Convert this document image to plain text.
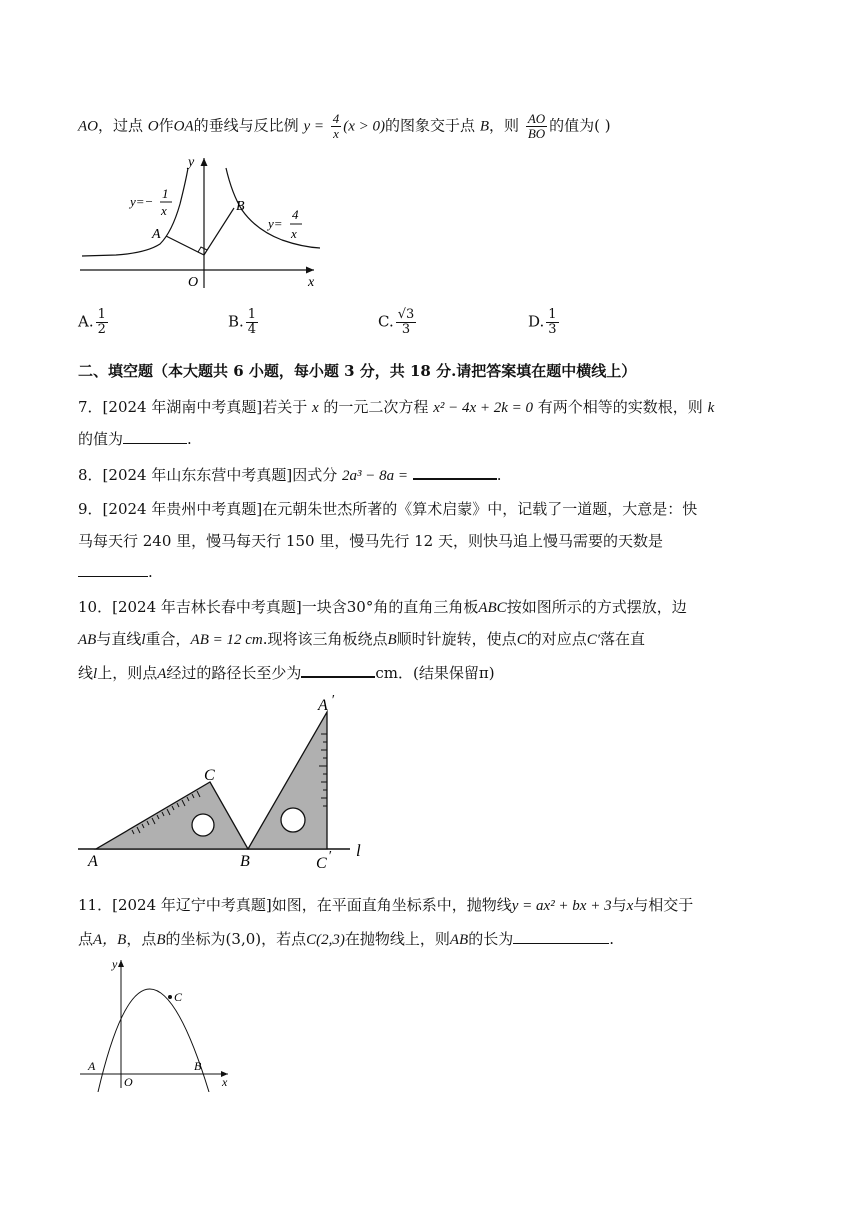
AO，过点 O作OA的垂线与反比例 $y = \frac{4}{x} (x > 0)$的图象交于点 B，则 $\frac{AO}{BO}$ 的值为( )
y
x
O
A
B
y=−
1
x
y=
4
x
A. $\frac{1}{2}$	B. $\frac{1}{4}$	C. $\frac{√3}{3}$	D. $\frac{1}{3}$
二、填空题（本大题共 6 小题，每小题 3 分，共 18 分.请把答案填在题中横线上）
7．[2024 年湖南中考真题]若关于 x 的一元二次方程 x² − 4x + 2k = 0 有两个相等的实数根，则 k
的值为	.
8．[2024 年山东东营中考真题]因式分 2a³ − 8a =	.
9．[2024 年贵州中考真题]在元朝朱世杰所著的《算术启蒙》中，记载了一道题，大意是：快
马每天行 240 里，慢马每天行 150 里，慢马先行 12 天，则快马追上慢马需要的天数是
.
10．[2024 年吉林长春中考真题]一块含30°角的直角三角板ABC按如图所示的方式摆放，边
AB与直线l重合，AB = 12 cm.现将该三角板绕点B顺时针旋转，使点C的对应点C′落在直
线l上，则点A经过的路径长至少为	cm．(结果保留π)
A	B
C
A ′
C ′ l
11．[2024 年辽宁中考真题]如图，在平面直角坐标系中，抛物线y = ax² + bx + 3与x与相交于
点A，B，点B的坐标为(3,0)，若点C(2,3)在抛物线上，则AB的长为	.
y
x
O
A	B
C
